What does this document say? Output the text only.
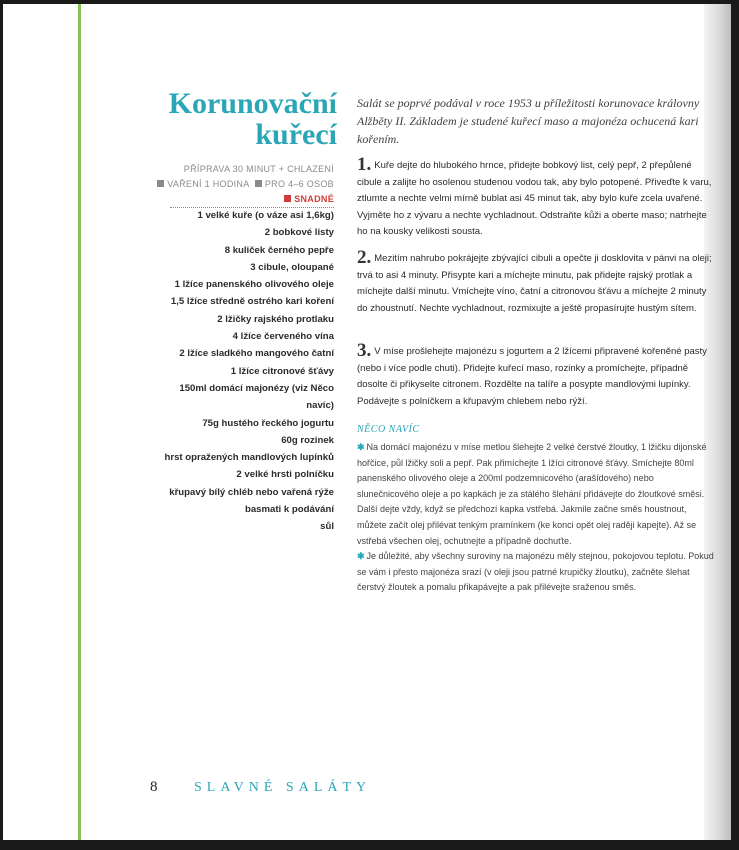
Korunovační
kuřecí
PŘÍPRAVA 30 MINUT + CHLAZENÍ
VAŘENÍ 1 HODINA PRO 4–6 OSOB
SNADNÉ
1 velké kuře (o váze asi 1,6kg)
2 bobkové listy
8 kuliček černého pepře
3 cibule, oloupané
1 lžíce panenského olivového oleje
1,5 lžíce středně ostrého kari koření
2 lžičky rajského protlaku
4 lžíce červeného vína
2 lžíce sladkého mangového čatní
1 lžíce citronové šťávy
150ml domácí majonézy (viz Něco
navíc)
75g hustého řeckého jogurtu
60g rozinek
hrst opražených mandlových lupínků
2 velké hrsti polníčku
křupavý bílý chléb nebo vařená rýže
basmati k podávání
sůl
Salát se poprvé podával v roce 1953 u příležitosti korunovace královny Alžběty II. Základem je studené kuřecí maso a majonéza ochucená kari kořením.

1. Kuře dejte do hlubokého hrnce, přidejte bobkový list, celý pepř, 2 přepůlené cibule a zalijte ho osolenou studenou vodou tak, aby bylo potopené. Přiveďte k varu, ztlumte a nechte velmi mírně bublat asi 45 minut tak, aby bylo kuře zcela uvařené. Vyjměte ho z vývaru a nechte vychladnout. Odstraňte kůži a oberte maso; natrhejte ho na kousky velikosti sousta.

2. Mezitím nahrubo pokrájejte zbývající cibuli a opečte ji dosklovita v pánvi na oleji; trvá to asi 4 minuty. Přisypte kari a míchejte minutu, pak přidejte rajský protlak a míchejte další minutu. Vmíchejte víno, čatní a citronovou šťávu a míchejte 2 minuty do zhoustnutí. Nechte vychladnout, rozmixujte a ještě propasírujte hustým sítem.

3. V míse prošlehejte majonézu s jogurtem a 2 lžícemi připravené kořeněné pasty (nebo i více podle chuti). Přidejte kuřecí maso, rozinky a promíchejte, případně dosolte či přikyselte citronem. Rozdělte na talíře a posypte mandlovými lupínky. Podávejte s polníčkem a křupavým chlebem nebo rýží.

NĚCO NAVÍC

✱ Na domácí majonézu v míse metlou šlehejte 2 velké čerstvé žloutky, 1 lžičku dijonské hořčice, půl lžičky soli a pepř. Pak přimíchejte 1 lžíci citronové šťávy. Smíchejte 80ml panenského olivového oleje a 200ml podzemnicového (arašídového) nebo slunečnicového oleje a po kapkách je za stálého šlehání přidávejte do žloutkové směsi. Další dejte vždy, když se předchozí kapka vstřebá. Jakmile začne směs houstnout, můžete začít olej přilévat tenkým pramínkem (ke konci opět olej raději kapejte). Až se vstřebá všechen olej, ochutnejte a případně dochuťte.

✱ Je důležité, aby všechny suroviny na majonézu měly stejnou, pokojovou teplotu. Pokud se vám i přesto majonéza srazí (v oleji jsou patrné krupičky žloutku), začněte šlehat čerstvý žloutek a pomalu přikapávejte a pak přilévejte sraženou směs.

8	SLAVNÉ SALÁTY
